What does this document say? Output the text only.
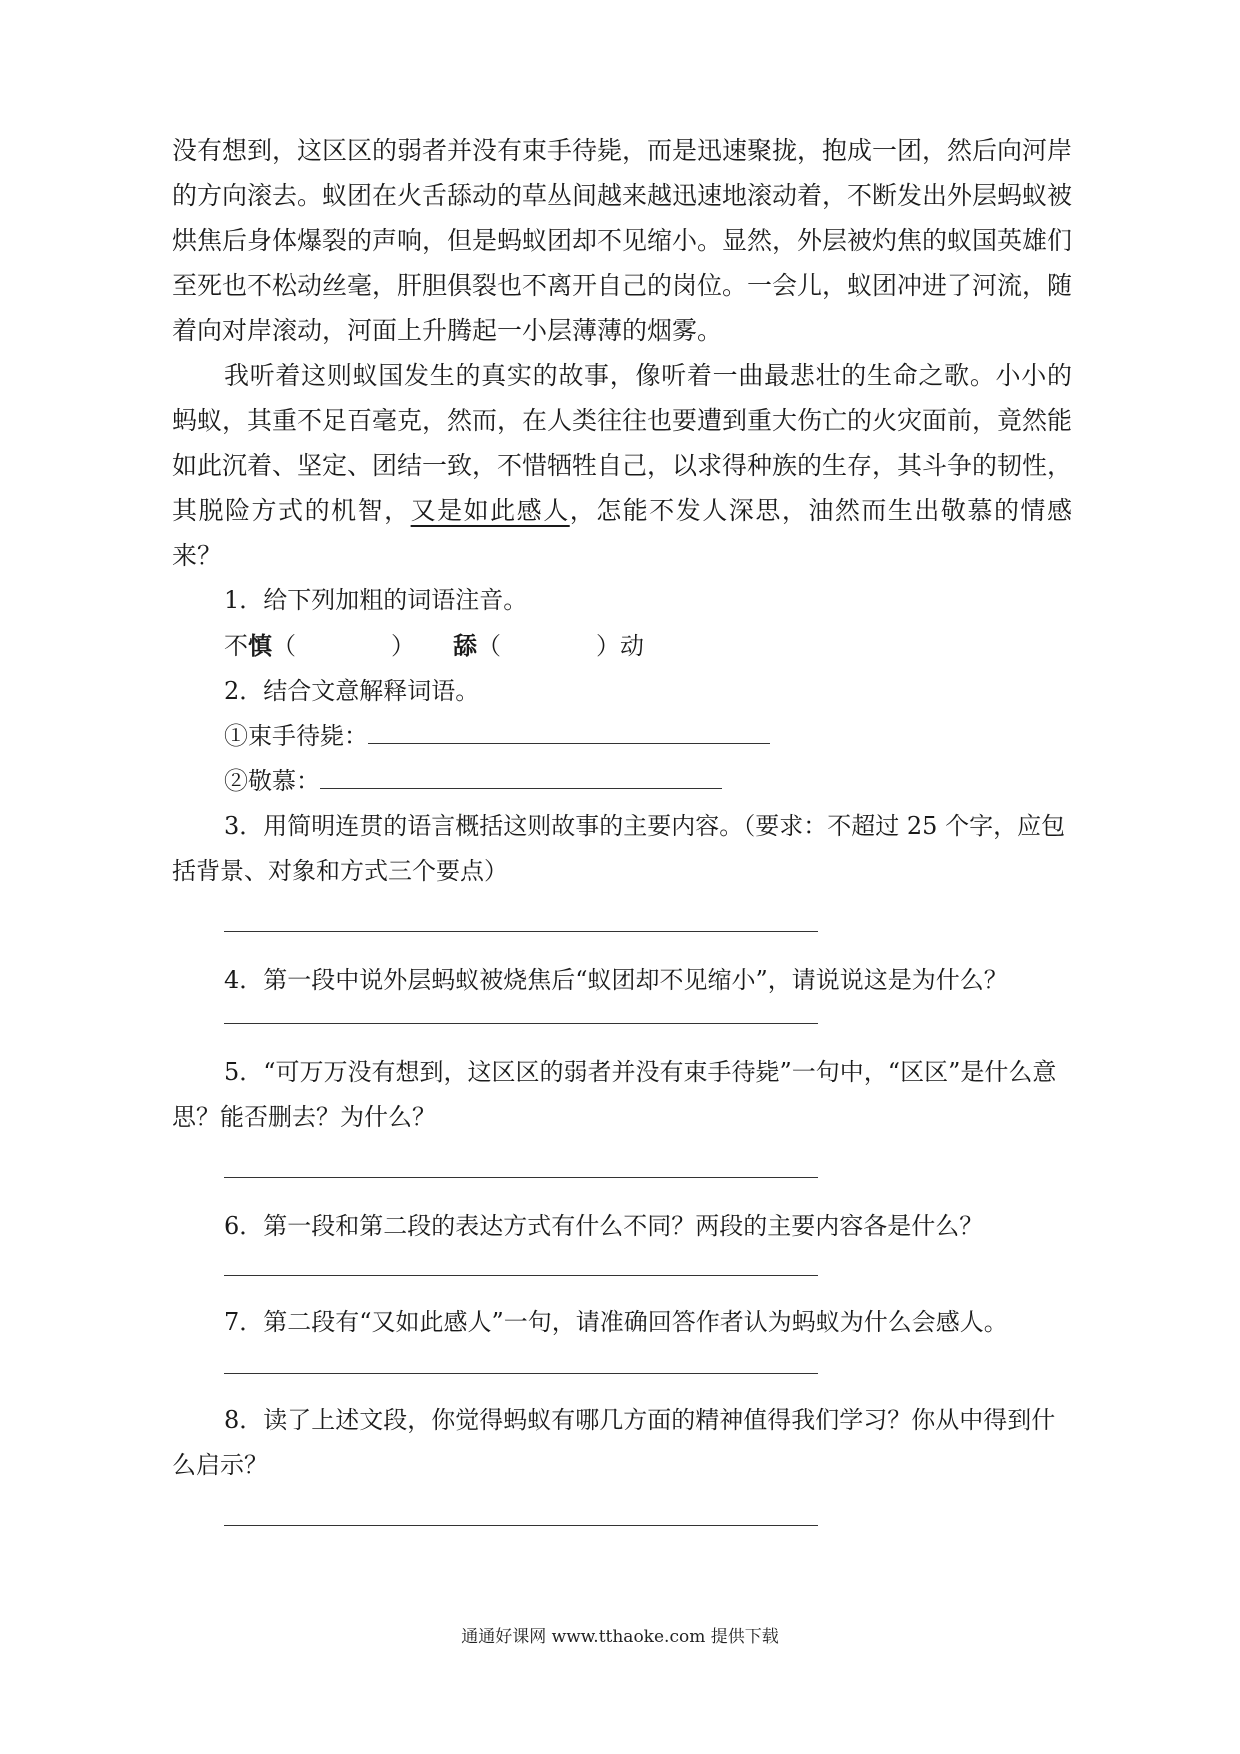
没有想到，这区区的弱者并没有束手待毙，而是迅速聚拢，抱成一团，然后向河岸的方向滚去。蚁团在火舌舔动的草丛间越来越迅速地滚动着，不断发出外层蚂蚁被烘焦后身体爆裂的声响，但是蚂蚁团却不见缩小。显然，外层被灼焦的蚁国英雄们至死也不松动丝毫，肝胆俱裂也不离开自己的岗位。一会儿，蚁团冲进了河流，随着向对岸滚动，河面上升腾起一小层薄薄的烟雾。

我听着这则蚁国发生的真实的故事，像听着一曲最悲壮的生命之歌。小小的蚂蚁，其重不足百毫克，然而，在人类往往也要遭到重大伤亡的火灾面前，竟然能如此沉着、坚定、团结一致，不惜牺牲自己，以求得种族的生存，其斗争的韧性，其脱险方式的机智，又是如此感人，怎能不发人深思，油然而生出敬慕的情感来？

1．给下列加粗的词语注音。

不慎（	） 舔（	）动

2．结合文意解释词语。

①束手待毙：

②敬慕：

3．用简明连贯的语言概括这则故事的主要内容。（要求：不超过 25 个字，应包括背景、对象和方式三个要点）

4．第一段中说外层蚂蚁被烧焦后“蚁团却不见缩小”，请说说这是为什么？

5．“可万万没有想到，这区区的弱者并没有束手待毙”一句中，“区区”是什么意思？能否删去？为什么？

6．第一段和第二段的表达方式有什么不同？两段的主要内容各是什么？

7．第二段有“又如此感人”一句，请准确回答作者认为蚂蚁为什么会感人。

8．读了上述文段，你觉得蚂蚁有哪几方面的精神值得我们学习？你从中得到什么启示？

通通好课网 www.tthaoke.com 提供下载
